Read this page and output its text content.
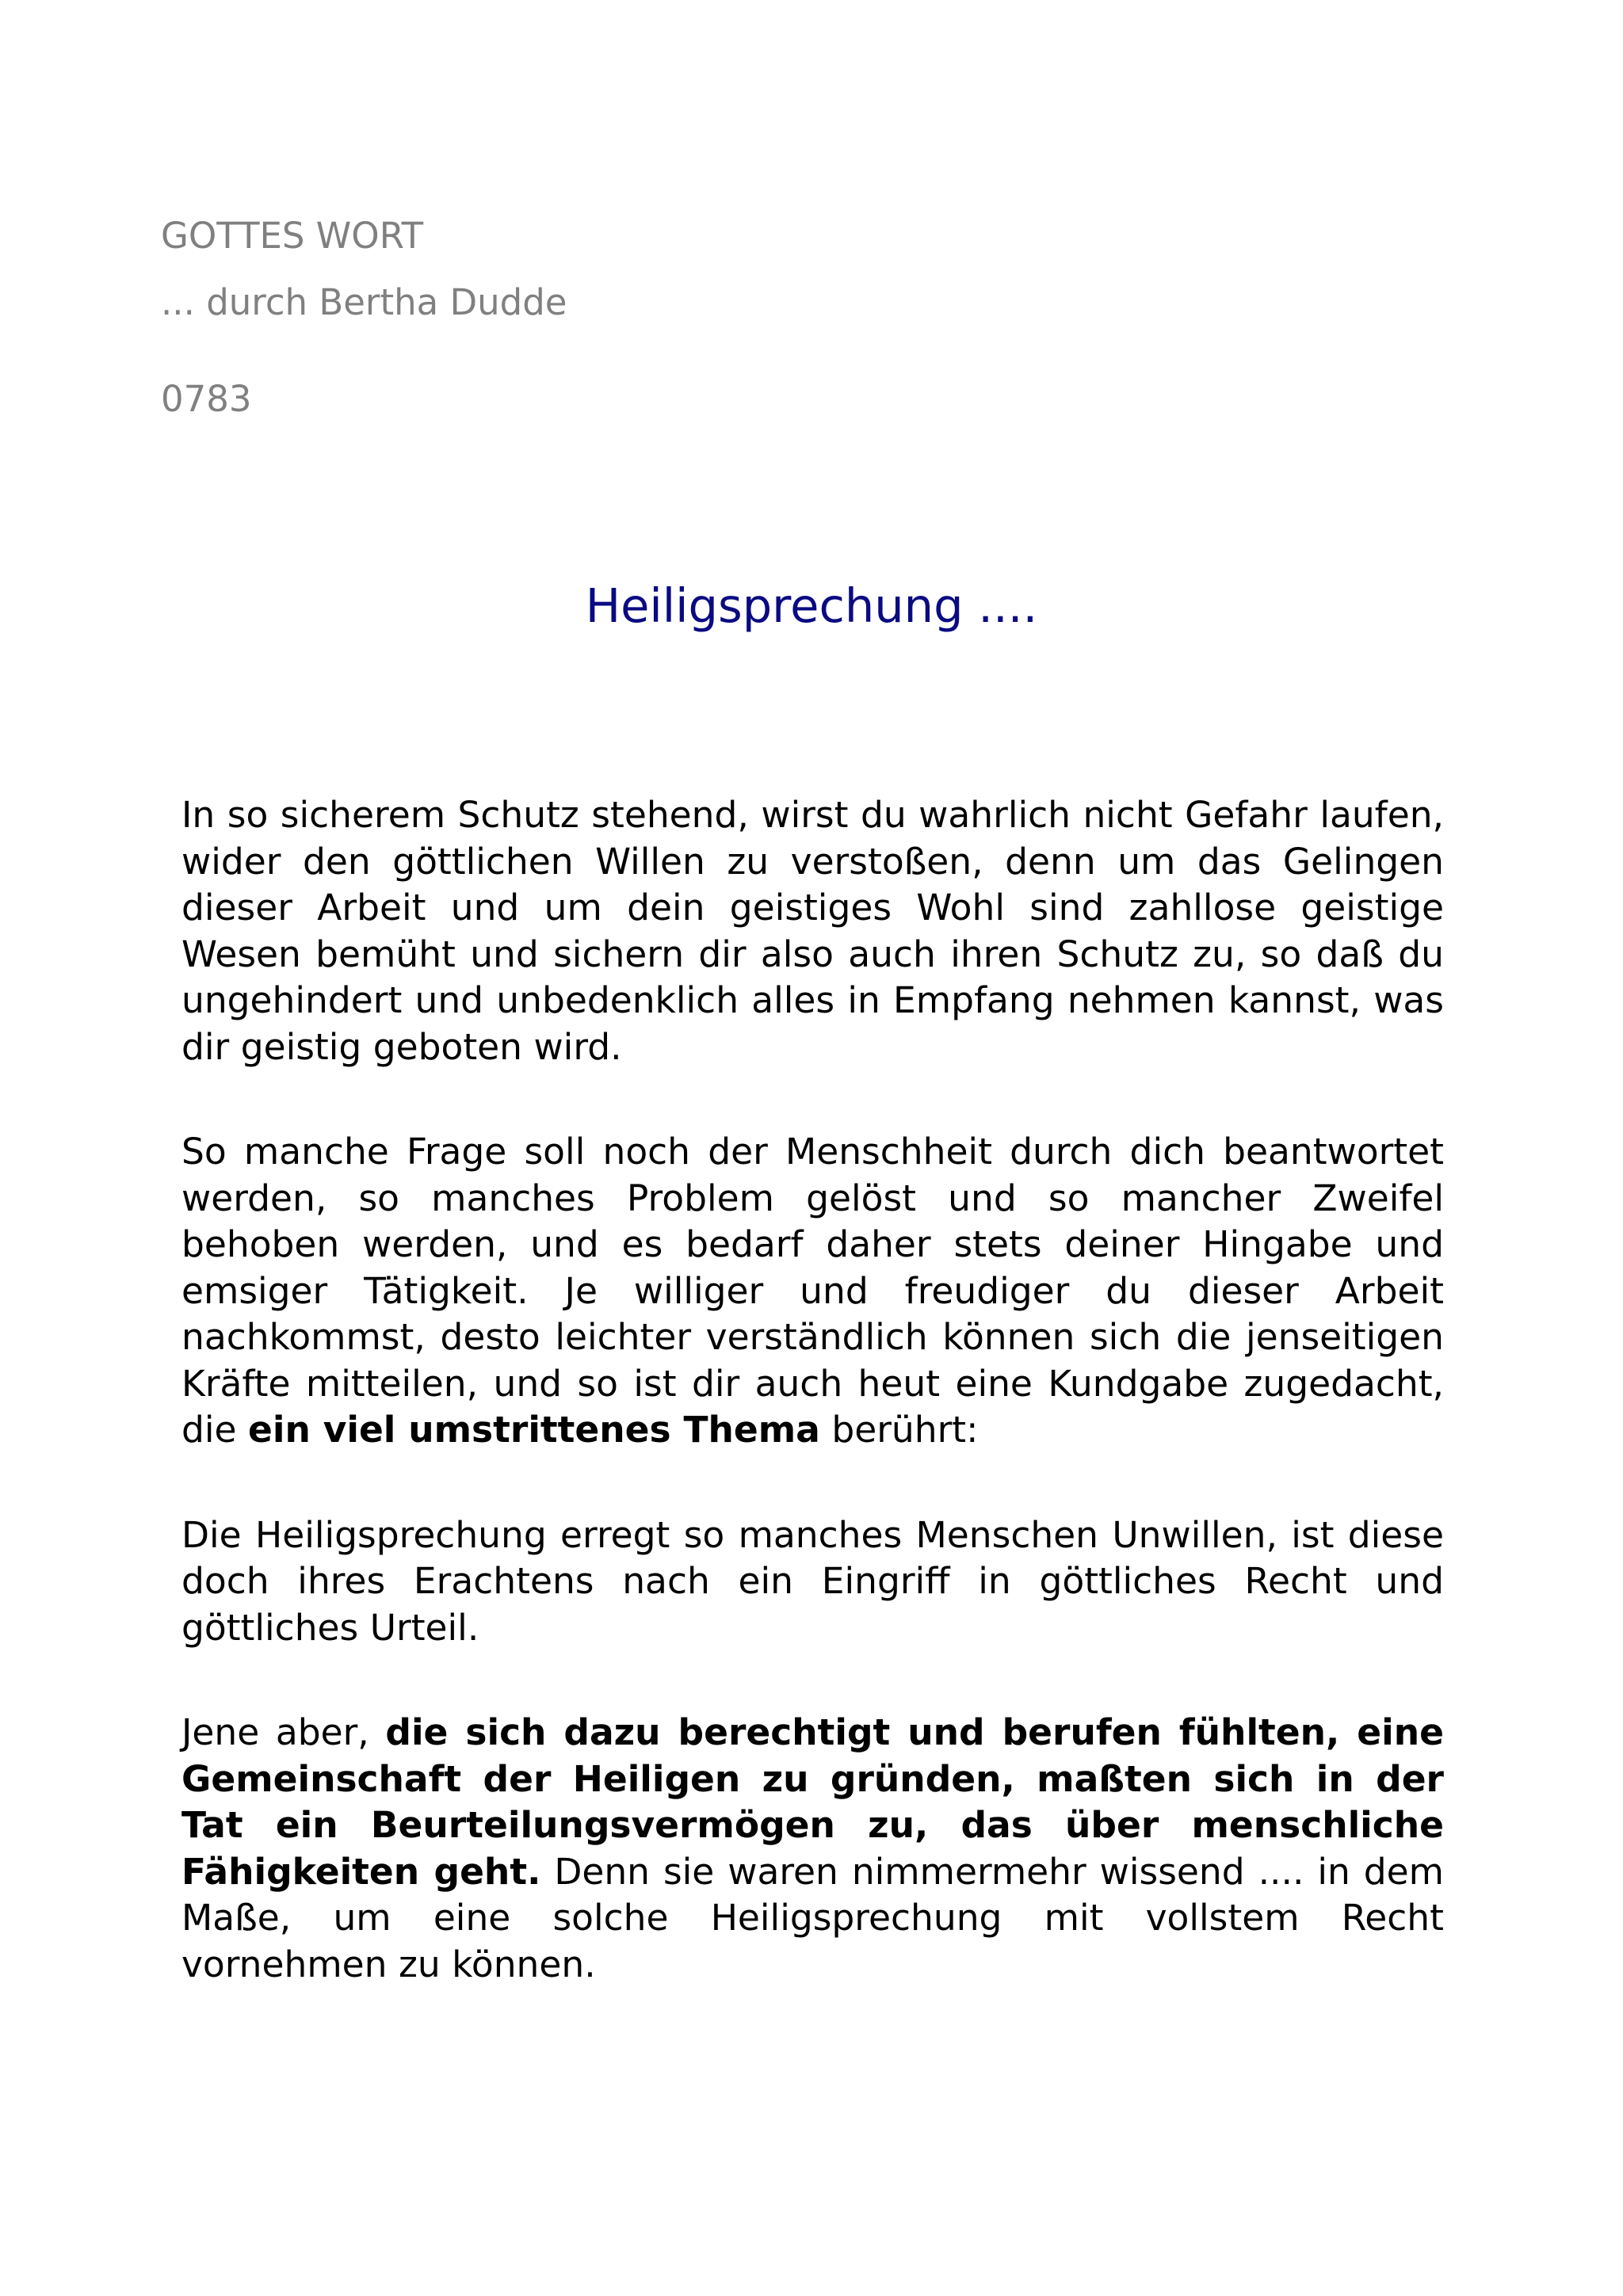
GOTTES WORT
... durch Bertha Dudde
0783
Heiligsprechung ....

In so sicherem Schutz stehend, wirst du wahrlich nicht Gefahr laufen, wider den göttlichen Willen zu verstoßen, denn um das Gelingen dieser Arbeit und um dein geistiges Wohl sind zahllose geistige Wesen bemüht und sichern dir also auch ihren Schutz zu, so daß du ungehindert und unbedenklich alles in Empfang nehmen kannst, was dir geistig geboten wird.

So manche Frage soll noch der Menschheit durch dich beantwortet werden, so manches Problem gelöst und so mancher Zweifel behoben werden, und es bedarf daher stets deiner Hingabe und emsiger Tätigkeit. Je williger und freudiger du dieser Arbeit nachkommst, desto leichter verständlich können sich die jenseitigen Kräfte mitteilen, und so ist dir auch heut eine Kundgabe zugedacht, die ein viel umstrittenes Thema berührt:

Die Heiligsprechung erregt so manches Menschen Unwillen, ist diese doch ihres Erachtens nach ein Eingriff in göttliches Recht und göttliches Urteil.

Jene aber, die sich dazu berechtigt und berufen fühlten, eine Gemeinschaft der Heiligen zu gründen, maßten sich in der Tat ein Beurteilungsvermögen zu, das über menschliche Fähigkeiten geht. Denn sie waren nimmermehr wissend .... in dem Maße, um eine solche Heiligsprechung mit vollstem Recht vornehmen zu können.
